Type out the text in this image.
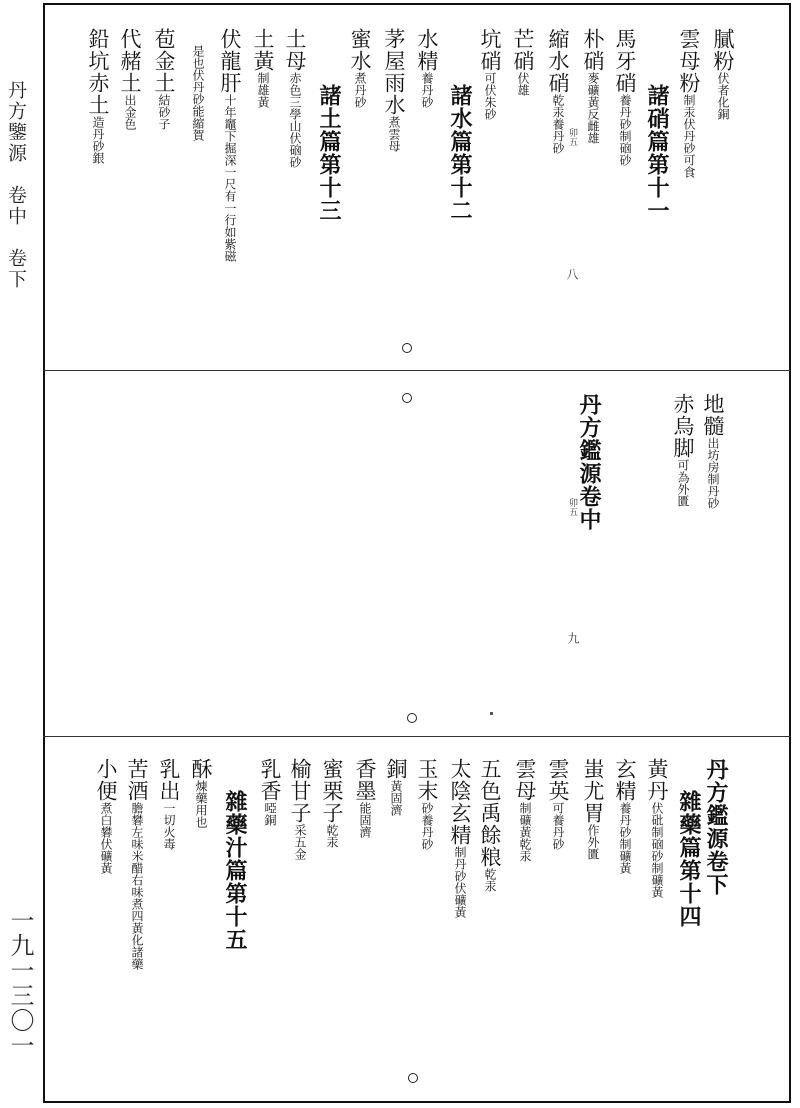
丹方鑒源　卷中　卷下
一九一三〇一
膩粉伏者化銅
雲母粉制汞伏丹砂可食
諸硝篇第十一
馬牙硝養丹砂制硇砂
朴硝麥礦黃反雌雄
縮水硝乾汞養丹砂
芒硝伏雄
坑硝可伏朱砂
諸水篇第十二
水精養丹砂
茅屋雨水煮雲母
蜜水煮丹砂
諸土篇第十三
土母赤色三學山伏硇砂
土黃制雄黃
伏龍肝十年竈下掘深一尺有一行如紫磁
是也伏丹砂能縮賀
苞金土結砂子
代赭土出金色
鉛坑赤土造丹砂銀
地髓出坊房制丹砂
赤烏脚可為外匱
丹方鑑源卷中
丹方鑑源卷下
雜藥篇第十四
黃丹伏砒制硇砂制礦黃
玄精養丹砂制礦黃
蚩尤胃作外匱
雲英可養丹砂
雲母制礦黃乾汞
五色禹餘粮乾汞
太陰玄精制丹砂伏礦黃
玉末砂養丹砂
銅黃固濟
香墨能固濟
蜜栗子乾汞
榆甘子采五金
乳香啞銅
雜藥汁篇第十五
酥煉藥用也
乳出一切火毒
苦酒膽礬左味米醋右味煮四黃化諸藥
小便煮白礬伏礦黃
卯五
八
卯五
九
